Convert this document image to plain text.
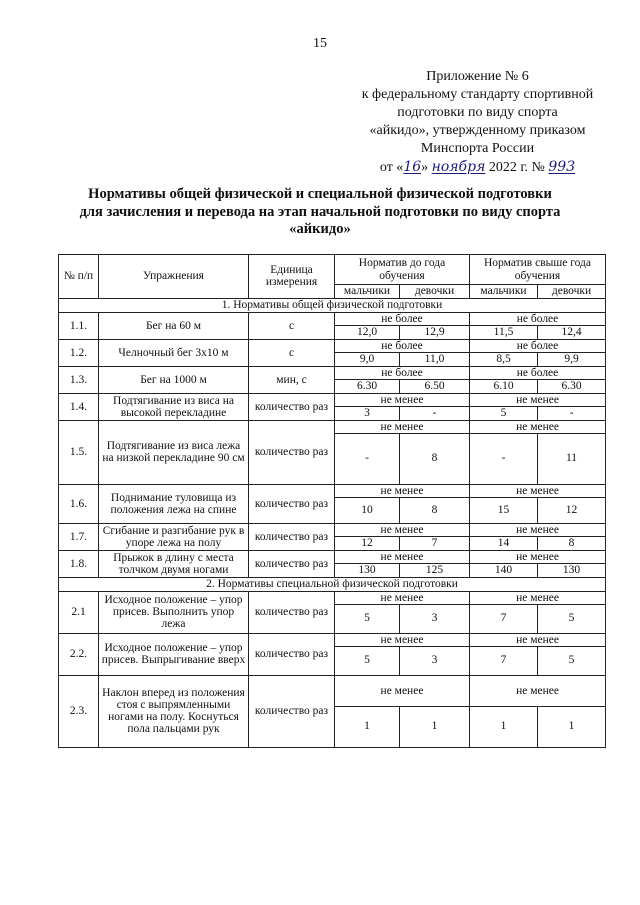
15
Приложение № 6
к федеральному стандарту спортивной
подготовки по виду спорта
«айкидо», утвержденному приказом
Минспорта России
от «16» ноября 2022 г. № 993
Нормативы общей физической и специальной физической подготовки
для зачисления и перевода на этап начальной подготовки по виду спорта
«айкидо»
№ п/п	Упражнения	Единица измерения	Норматив до года обучения		Норматив свыше года обучения	
			мальчики	девочки	мальчики	девочки
1. Нормативы общей физической подготовки						
1.1.	Бег на 60 м	с	не более		не более	
			12,0	12,9	11,5	12,4
1.2.	Челночный бег 3x10 м	с	не более		не более	
			9,0	11,0	8,5	9,9
1.3.	Бег на 1000 м	мин, с	не более		не более	
			6.30	6.50	6.10	6.30
1.4.	Подтягивание из виса на высокой перекладине	количество раз	не менее		не менее	
			3	-	5	-
1.5.	Подтягивание из виса лежа на низкой перекладине 90 см	количество раз	не менее		не менее	
			-	8	-	11
1.6.	Поднимание туловища из положения лежа на спине	количество раз	не менее		не менее	
			10	8	15	12
1.7.	Сгибание и разгибание рук в упоре лежа на полу	количество раз	не менее		не менее	
			12	7	14	8
1.8.	Прыжок в длину с места толчком двумя ногами	количество раз	не менее		не менее	
			130	125	140	130
2. Нормативы специальной физической подготовки						
2.1	Исходное положение – упор присев. Выполнить упор лежа	количество раз	не менее		не менее	
			5	3	7	5
2.2.	Исходное положение – упор присев. Выпрыгивание вверх	количество раз	не менее		не менее	
			5	3	7	5
2.3.	Наклон вперед из положения стоя с выпрямленными ногами на полу. Коснуться пола пальцами рук	количество раз	не менее		не менее	
			1	1	1	1
